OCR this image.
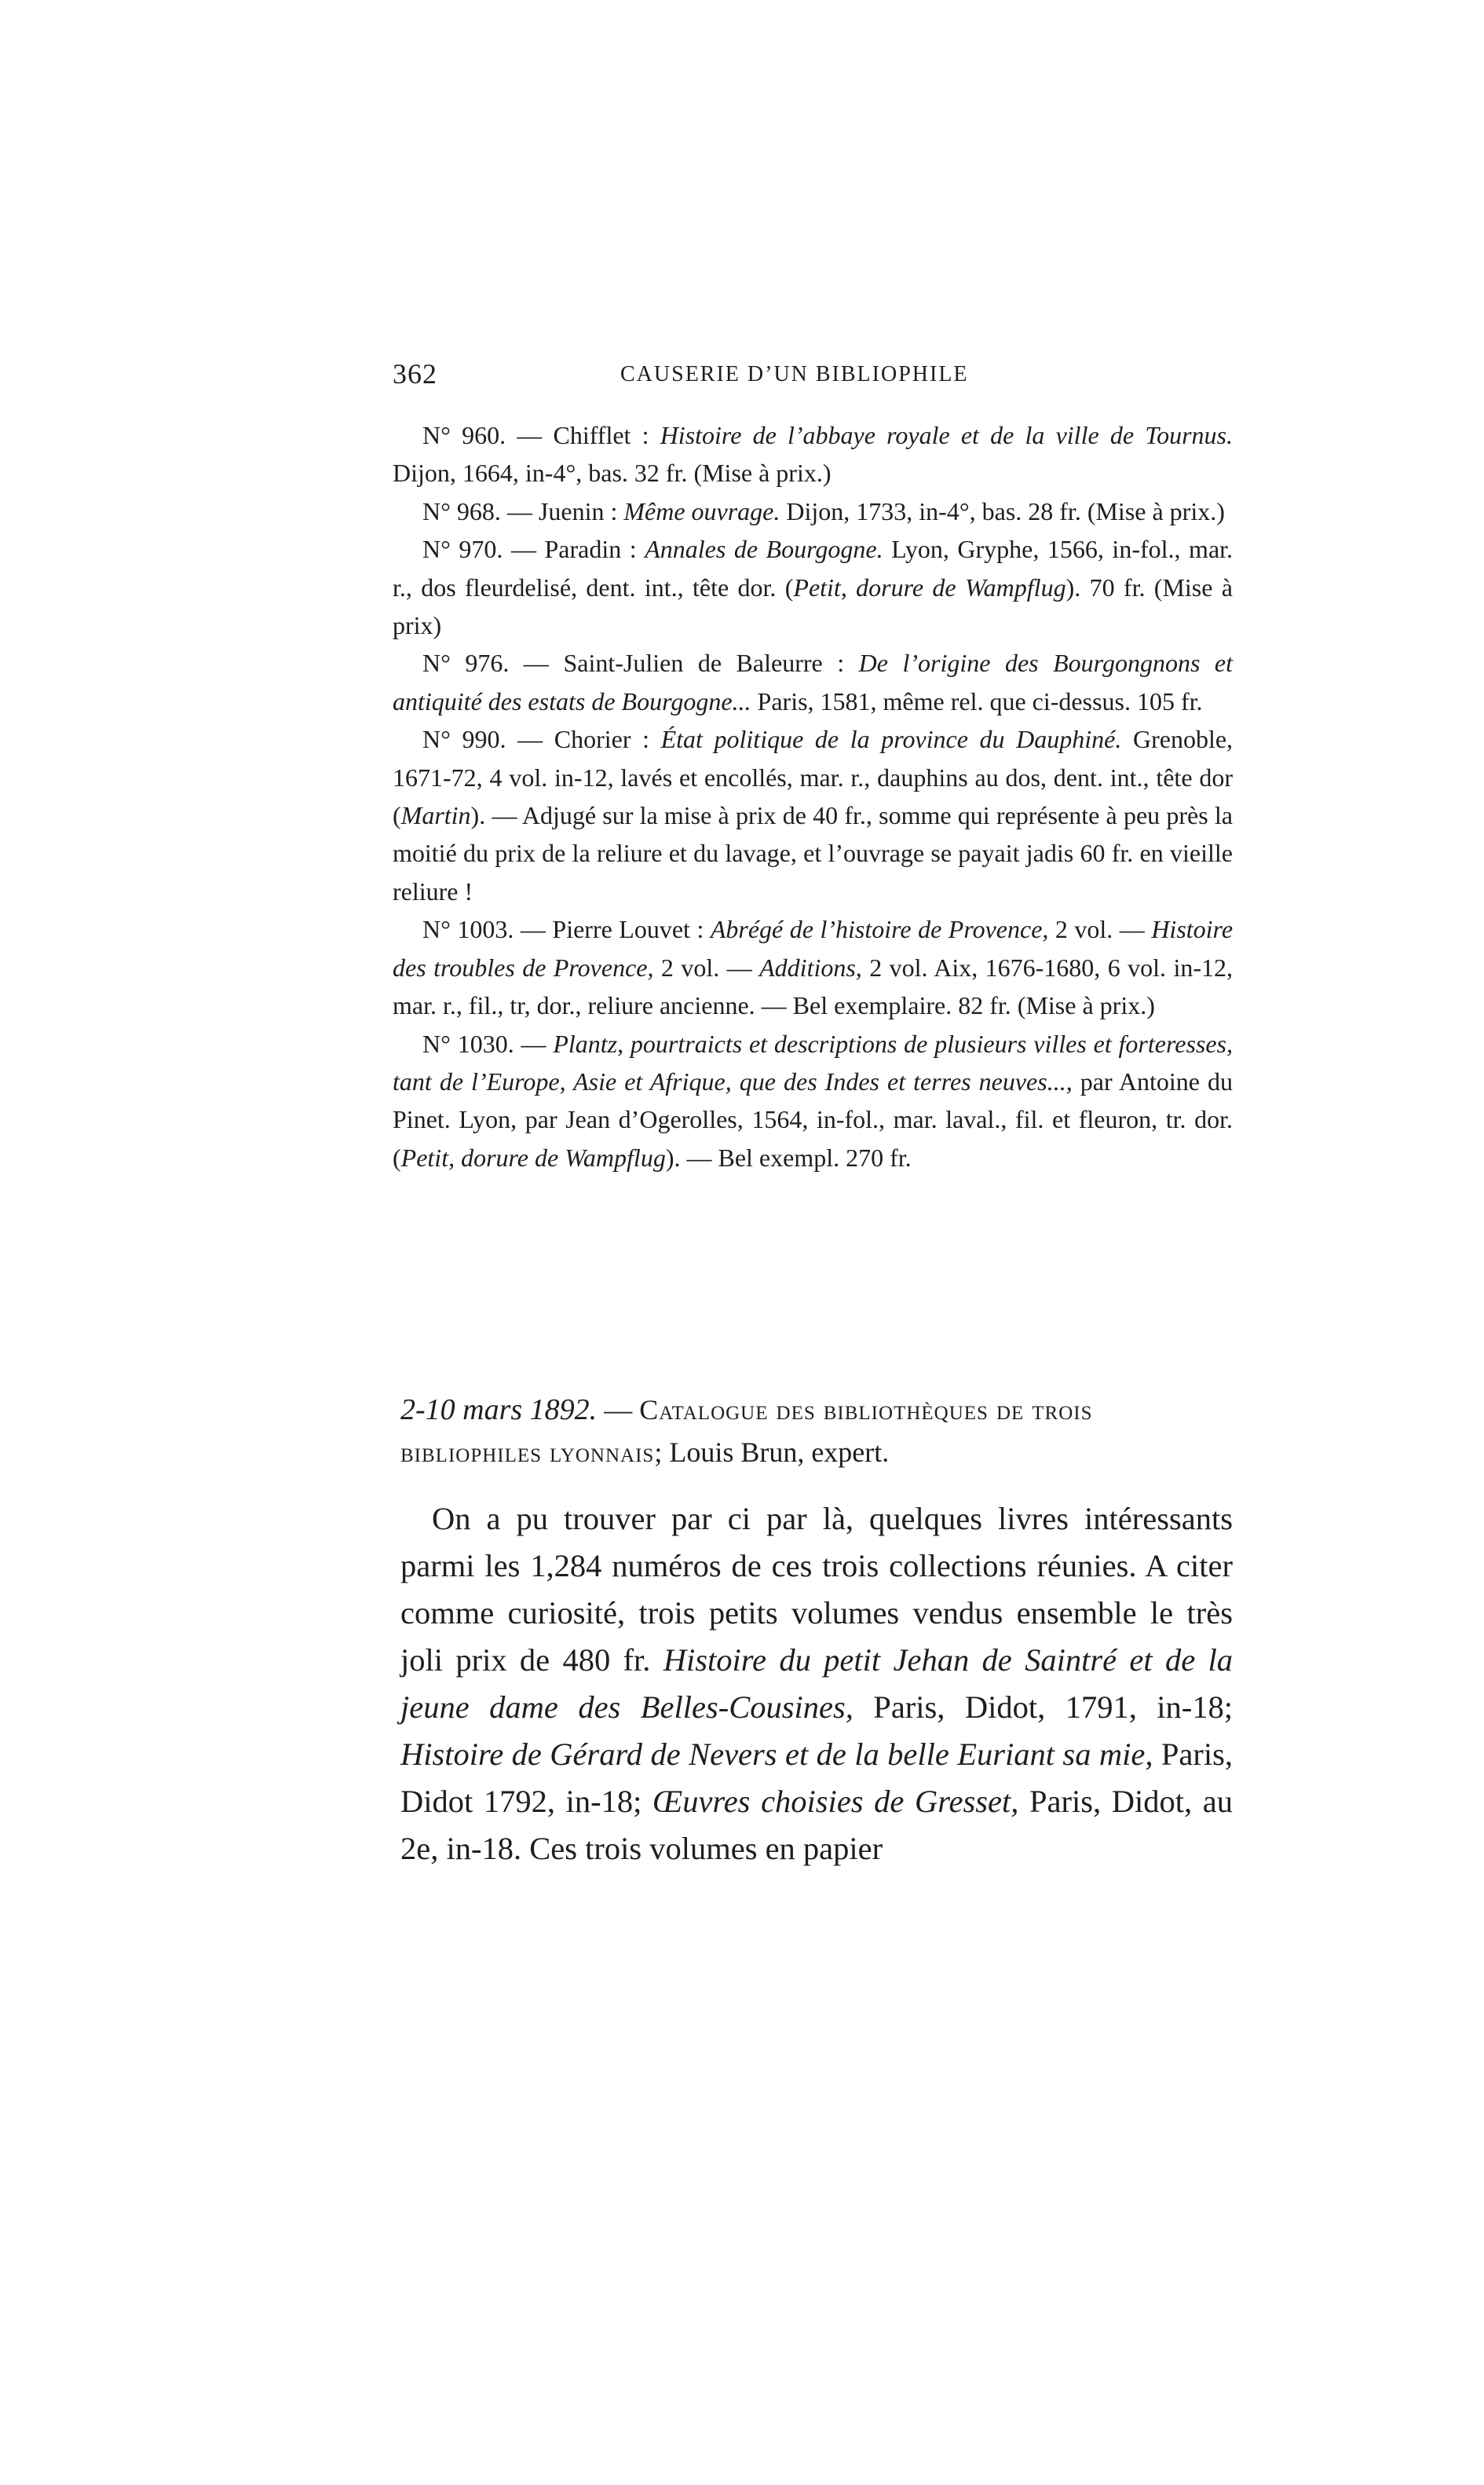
362	CAUSERIE D’UN BIBLIOPHILE

N° 960. — Chifflet : Histoire de l’abbaye royale et de la ville de Tournus. Dijon, 1664, in-4°, bas. 32 fr. (Mise à prix.)

N° 968. — Juenin : Même ouvrage. Dijon, 1733, in-4°, bas. 28 fr. (Mise à prix.)

N° 970. — Paradin : Annales de Bourgogne. Lyon, Gryphe, 1566, in-fol., mar. r., dos fleurdelisé, dent. int., tête dor. (Petit, dorure de Wampflug). 70 fr. (Mise à prix)

N° 976. — Saint-Julien de Baleurre : De l’origine des Bourgongnons et antiquité des estats de Bourgogne... Paris, 1581, même rel. que ci-dessus. 105 fr.

N° 990. — Chorier : État politique de la province du Dauphiné. Grenoble, 1671-72, 4 vol. in-12, lavés et encollés, mar. r., dauphins au dos, dent. int., tête dor (Martin). — Adjugé sur la mise à prix de 40 fr., somme qui représente à peu près la moitié du prix de la reliure et du lavage, et l’ouvrage se payait jadis 60 fr. en vieille reliure !

N° 1003. — Pierre Louvet : Abrégé de l’histoire de Provence, 2 vol. — Histoire des troubles de Provence, 2 vol. — Additions, 2 vol. Aix, 1676-1680, 6 vol. in-12, mar. r., fil., tr, dor., reliure ancienne. — Bel exemplaire. 82 fr. (Mise à prix.)

N° 1030. — Plantz, pourtraicts et descriptions de plusieurs villes et forteresses, tant de l’Europe, Asie et Afrique, que des Indes et terres neuves..., par Antoine du Pinet. Lyon, par Jean d’Ogerolles, 1564, in-fol., mar. laval., fil. et fleuron, tr. dor. (Petit, dorure de Wampflug). — Bel exempl. 270 fr.

2-10 mars 1892. — Catalogue des bibliothèques de trois bibliophiles lyonnais; Louis Brun, expert.

On a pu trouver par ci par là, quelques livres intéressants parmi les 1,284 numéros de ces trois collections réunies. A citer comme curiosité, trois petits volumes vendus ensemble le très joli prix de 480 fr. Histoire du petit Jehan de Saintré et de la jeune dame des Belles-Cousines, Paris, Didot, 1791, in-18; Histoire de Gérard de Nevers et de la belle Euriant sa mie, Paris, Didot 1792, in-18; Œuvres choisies de Gresset, Paris, Didot, au 2e, in-18. Ces trois volumes en papier
